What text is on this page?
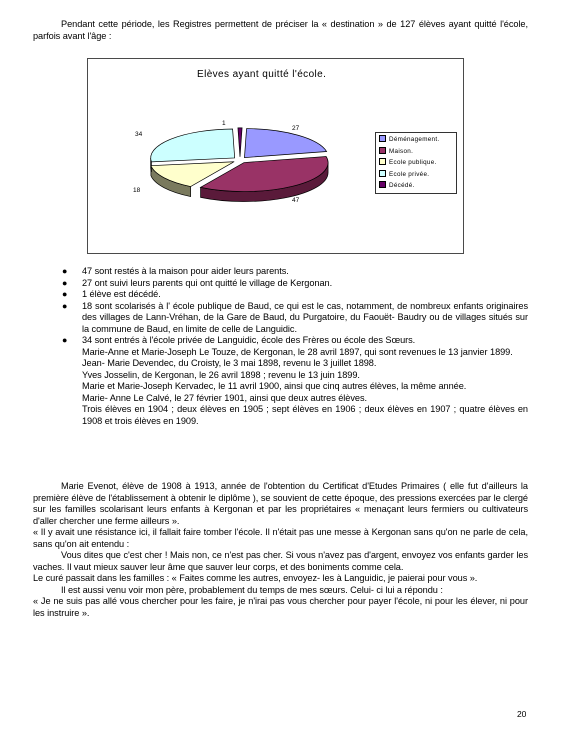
Pendant cette période, les Registres permettent de préciser la « destination » de 127 élèves ayant quitté l'école, parfois avant l'âge :

Elèves ayant quitté l'école.
27
47
18
34
1
Déménagement.
Maison.
Ecole publique.
Ecole privée.
Décédé.
● 47 sont restés à la maison pour aider leurs parents.
● 27 ont suivi leurs parents qui ont quitté le village de Kergonan.
● 1 élève est décédé.
● 18 sont scolarisés à l' école publique de Baud, ce qui est le cas, notamment, de nombreux enfants originaires des villages de Lann-Vréhan, de la Gare de Baud, du Purgatoire, du Faouët- Baudry ou de villages situés sur la commune de Baud, en limite de celle de Languidic.
● 34 sont entrés à l'école privée de Languidic, école des Frères ou école des Sœurs.
Marie-Anne et Marie-Joseph Le Touze, de Kergonan, le 28 avril 1897, qui sont revenues le 13 janvier 1899.
Jean- Marie Devendec, du Croisty, le 3 mai 1898, revenu le 3 juillet 1898.
Yves Josselin, de Kergonan, le 26 avril 1898 ; revenu le 13 juin 1899.
Marie et Marie-Joseph Kervadec, le 11 avril 1900, ainsi que cinq autres élèves, la même année.
Marie- Anne Le Calvé, le 27 février 1901, ainsi que deux autres élèves.
Trois élèves en 1904 ; deux élèves en 1905 ; sept élèves en 1906 ; deux élèves en 1907 ; quatre élèves en 1908 et trois élèves en 1909.
Marie Evenot, élève de 1908 à 1913, année de l'obtention du Certificat d'Etudes Primaires ( elle fut d'ailleurs la première élève de l'établissement à obtenir le diplôme ), se souvient de cette époque, des pressions exercées par le clergé sur les familles scolarisant leurs enfants à Kergonan et par les propriétaires « menaçant leurs fermiers ou cultivateurs d'aller chercher une ferme ailleurs ».
« Il y avait une résistance ici, il fallait faire tomber l'école. Il n'était pas une messe à Kergonan sans qu'on ne parle de cela, sans qu'on ait entendu :
Vous dites que c'est cher ! Mais non, ce n'est pas cher. Si vous n'avez pas d'argent, envoyez vos enfants garder les vaches. Il vaut mieux sauver leur âme que sauver leur corps, et des boniments comme cela.
Le curé passait dans les familles : « Faites comme les autres, envoyez- les à Languidic, je paierai pour vous ».
Il est aussi venu voir mon père, probablement du temps de mes sœurs. Celui- ci lui a répondu :
« Je ne suis pas allé vous chercher pour les faire, je n'irai pas vous chercher pour payer l'école, ni pour les élever, ni pour les instruire ».
20
